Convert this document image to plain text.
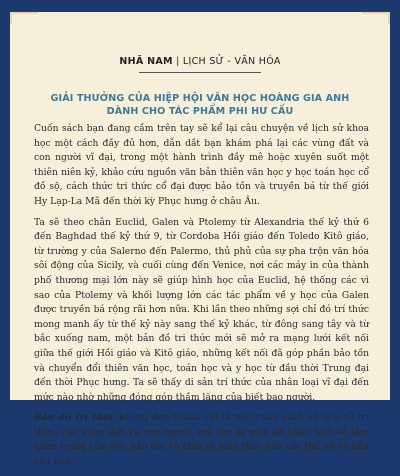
NHÃ NAM | LỊCH SỬ - VĂN HÓA
GIẢI THƯỞNG CỦA HIỆP HỘI VĂN HỌC HOÀNG GIA ANH
DÀNH CHO TÁC PHẨM PHI HƯ CẤU

Cuốn sách bạn đang cầm trên tay sẽ kể lại câu chuyện về lịch sử khoa học một cách đầy đủ hơn, dẫn dắt bạn khám phá lại các vùng đất và con người vĩ đại, trong một hành trình đầy mê hoặc xuyên suốt một thiên niên kỷ, khảo cứu nguồn văn bản thiên văn học y học toán học cổ đồ sộ, cách thức tri thức cổ đại được bảo tồn và truyền bá từ thế giới Hy Lạp-La Mã đến thời kỳ Phục hưng ở châu Âu.

Ta sẽ theo chân Euclid, Galen và Ptolemy từ Alexandria thế kỷ thứ 6 đến Baghdad thế kỷ thứ 9, từ Cordoba Hồi giáo đến Toledo Kitô giáo, từ trường y của Salerno đến Palermo, thủ phủ của sự pha trộn văn hóa sôi động của Sicily, và cuối cùng đến Venice, nơi các máy in của thành phố thương mại lớn này sẽ giúp hình học của Euclid, hệ thống các vì sao của Ptolemy và khối lượng lớn các tác phẩm về y học của Galen được truyền bá rộng rãi hơn nữa. Khi lần theo những sợi chỉ đó trí thức mong manh ấy từ thế kỷ này sang thế kỷ khác, từ đông sang tây và từ bắc xuống nam, một bản đồ tri thức mới sẽ mở ra mạng lưới kết nối giữa thế giới Hồi giáo và Kitô giáo, những kết nối đã góp phần bảo tồn và chuyển đổi thiên văn học, toán học và y học từ đầu thời Trung đại đến thời Phục hưng. Ta sẽ thấy di sản trí thức của nhân loại vĩ đại đến mức nào nhờ những đóng góp thầm lặng của biết bao người.

Bản đồ tri thức không đơn thuần chỉ là một cuốn sách về lịch sử tri thức, các vùng đất và con người, mà còn là một lời nhắc nhở về tầm quan trọng của việc bảo tồn và chia sẻ kiến thức qua các thế hệ và nền văn hóa.
